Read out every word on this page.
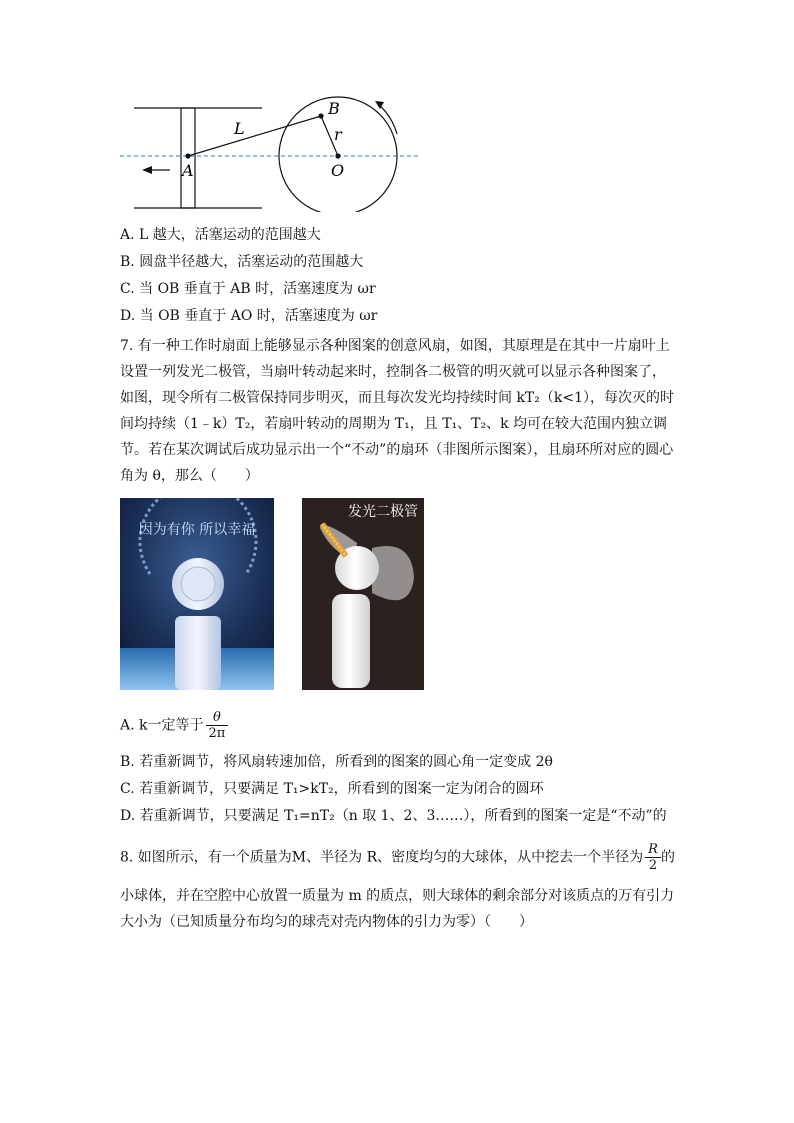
L
B
r
A	O
A. L 越大，活塞运动的范围越大
B. 圆盘半径越大，活塞运动的范围越大
C. 当 OB 垂直于 AB 时，活塞速度为 ωr
D. 当 OB 垂直于 AO 时，活塞速度为 ωr
7. 有一种工作时扇面上能够显示各种图案的创意风扇，如图，其原理是在其中一片扇叶上
设置一列发光二极管，当扇叶转动起来时，控制各二极管的明灭就可以显示各种图案了，
如图，现令所有二极管保持同步明灭，而且每次发光均持续时间 kT₂（k<1），每次灭的时
间均持续（1﹣k）T₂，若扇叶转动的周期为 T₁，且 T₁、T₂、k 均可在较大范围内独立调
节。若在某次调试后成功显示出一个“不动”的扇环（非图所示图案），且扇环所对应的圆心
角为 θ，那么（　　）
因为有你 所以幸福
发光二极管
A. k一定等于 $\frac{\theta}{2\pi}$
B. 若重新调节，将风扇转速加倍，所看到的图案的圆心角一定变成 2θ
C. 若重新调节，只要满足 T₁>kT₂，所看到的图案一定为闭合的圆环
D. 若重新调节，只要满足 T₁=nT₂（n 取 1、2、3……），所看到的图案一定是“不动”的
8. 如图所示，有一个质量为M、半径为 R、密度均匀的大球体，从中挖去一个半径为 $\frac{R}{2}$ 的
小球体，并在空腔中心放置一质量为 m 的质点，则大球体的剩余部分对该质点的万有引力
大小为（已知质量分布均匀的球壳对壳内物体的引力为零）（　　）
